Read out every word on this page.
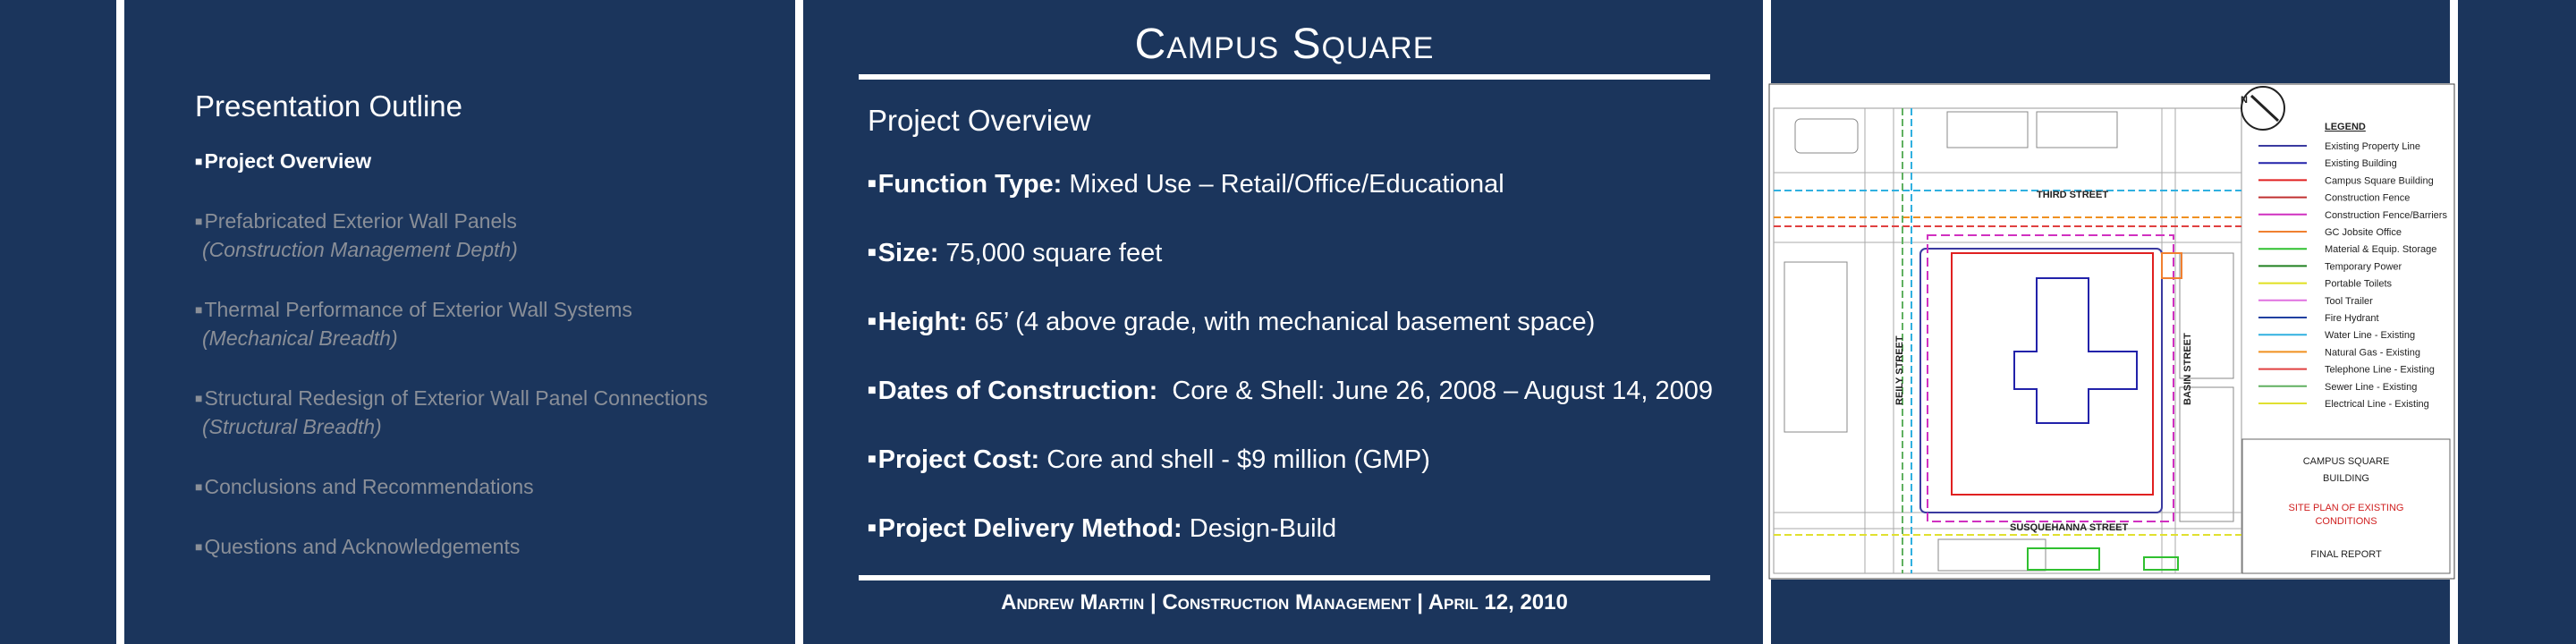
Presentation Outline
■Project Overview
■Prefabricated Exterior Wall Panels
(Construction Management Depth)
■Thermal Performance of Exterior Wall Systems
(Mechanical Breadth)
■Structural Redesign of Exterior Wall Panel Connections
(Structural Breadth)
■Conclusions and Recommendations
■Questions and Acknowledgements
Campus Square
Project Overview
■Function Type: Mixed Use – Retail/Office/Educational
■Size: 75,000 square feet
■Height: 65’ (4 above grade, with mechanical basement space)
■Dates of Construction:  Core & Shell: June 26, 2008 – August 14, 2009
■Project Cost: Core and shell - $9 million (GMP)
■Project Delivery Method: Design-Build
Andrew Martin | Construction Management | April 12, 2010
THIRD STREET
SUSQUEHANNA STREET
REILY STREET	BASIN STREET
N
LEGEND
Existing Property Line
Existing Building
Campus Square Building
Construction Fence
Construction Fence/Barriers
GC Jobsite Office
Material & Equip. Storage
Temporary Power
Portable Toilets
Tool Trailer
Fire Hydrant
Water Line - Existing
Natural Gas - Existing
Telephone Line - Existing
Sewer Line - Existing
Electrical Line - Existing
CAMPUS SQUARE
BUILDING
SITE PLAN OF EXISTING
CONDITIONS
FINAL REPORT
